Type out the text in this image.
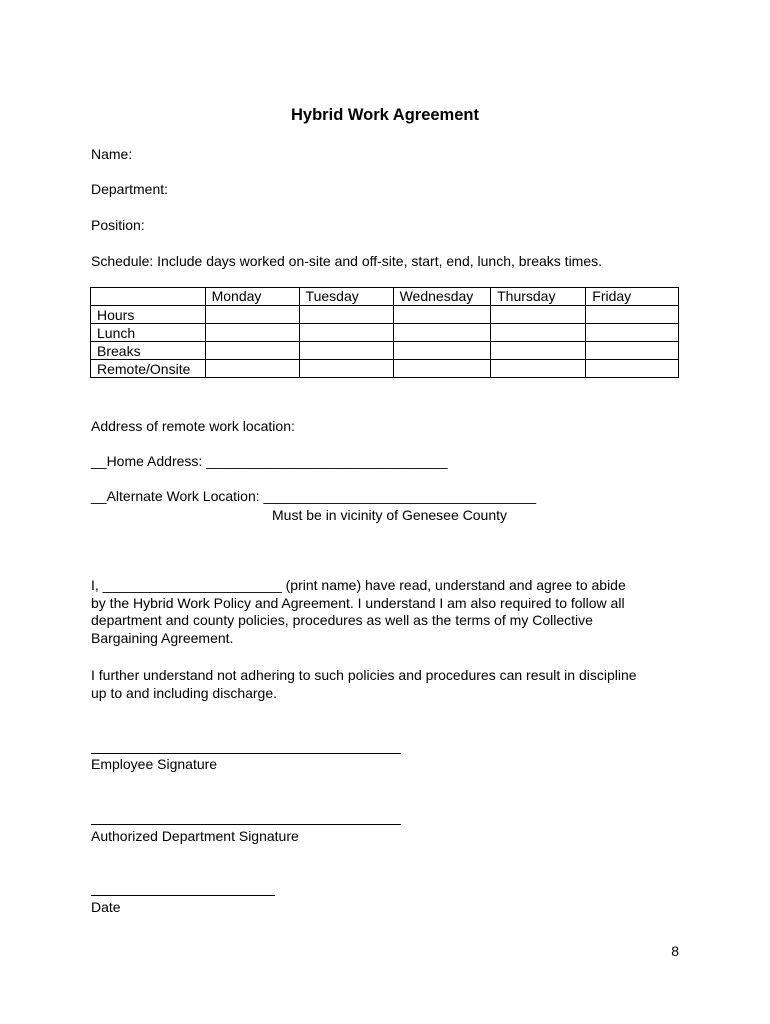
Hybrid Work Agreement
Name:
Department:
Position:
Schedule: Include days worked on-site and off-site, start, end, lunch, breaks times.
	Monday	Tuesday	Wednesday	Thursday	Friday
Hours					
Lunch					
Breaks					
Remote/Onsite					
Address of remote work location:
__Home Address: _______________________________
__Alternate Work Location: ___________________________________
Must be in vicinity of Genesee County
I, _______________________ (print name) have read, understand and agree to abide
by the Hybrid Work Policy and Agreement. I understand I am also required to follow all
department and county policies, procedures as well as the terms of my Collective
Bargaining Agreement.
I further understand not adhering to such policies and procedures can result in discipline
up to and including discharge.
Employee Signature
Authorized Department Signature
Date
8
